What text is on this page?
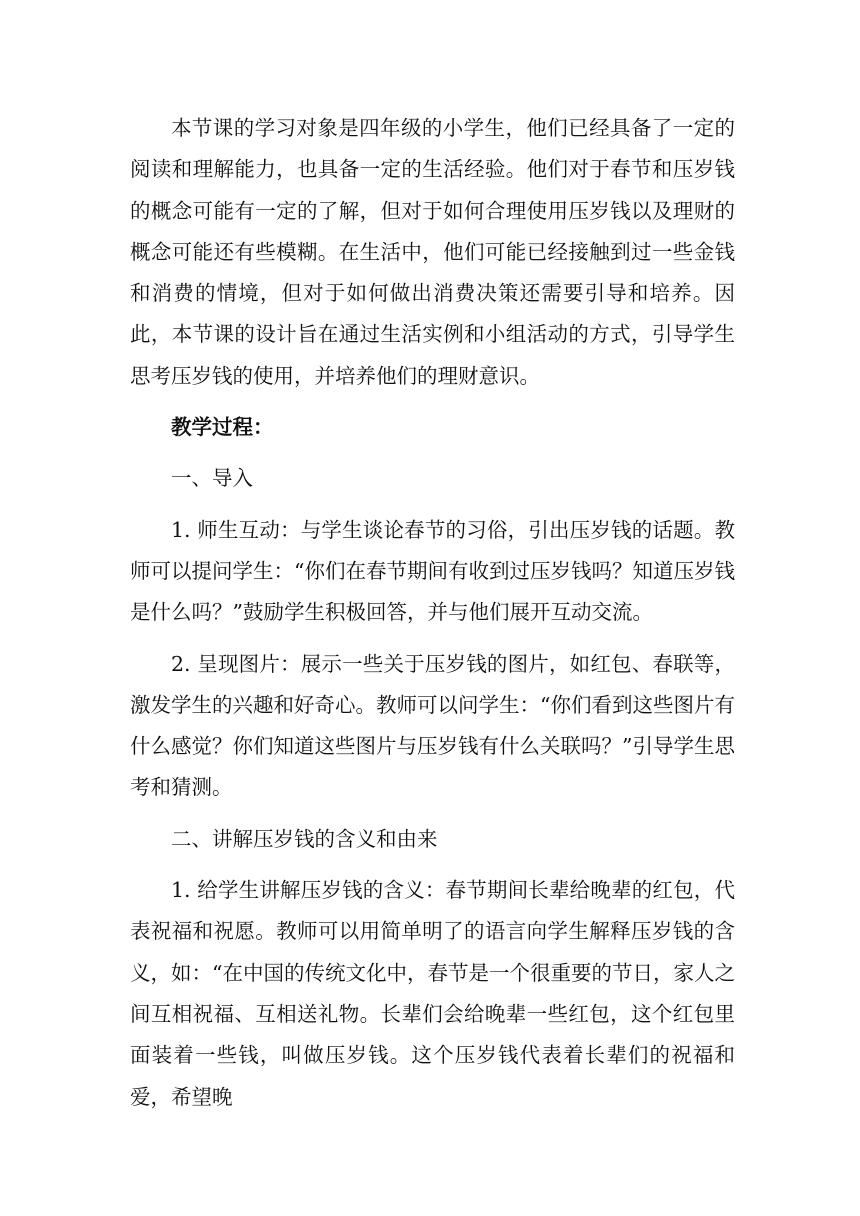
本节课的学习对象是四年级的小学生，他们已经具备了一定的阅读和理解能力，也具备一定的生活经验。他们对于春节和压岁钱的概念可能有一定的了解，但对于如何合理使用压岁钱以及理财的概念可能还有些模糊。在生活中，他们可能已经接触到过一些金钱和消费的情境，但对于如何做出消费决策还需要引导和培养。因此，本节课的设计旨在通过生活实例和小组活动的方式，引导学生思考压岁钱的使用，并培养他们的理财意识。

教学过程：

一、导入

1. 师生互动：与学生谈论春节的习俗，引出压岁钱的话题。教师可以提问学生：“你们在春节期间有收到过压岁钱吗？知道压岁钱是什么吗？”鼓励学生积极回答，并与他们展开互动交流。

2. 呈现图片：展示一些关于压岁钱的图片，如红包、春联等，激发学生的兴趣和好奇心。教师可以问学生：“你们看到这些图片有什么感觉？你们知道这些图片与压岁钱有什么关联吗？”引导学生思考和猜测。

二、讲解压岁钱的含义和由来

1. 给学生讲解压岁钱的含义：春节期间长辈给晚辈的红包，代表祝福和祝愿。教师可以用简单明了的语言向学生解释压岁钱的含义，如：“在中国的传统文化中，春节是一个很重要的节日，家人之间互相祝福、互相送礼物。长辈们会给晚辈一些红包，这个红包里面装着一些钱，叫做压岁钱。这个压岁钱代表着长辈们的祝福和爱，希望晚
